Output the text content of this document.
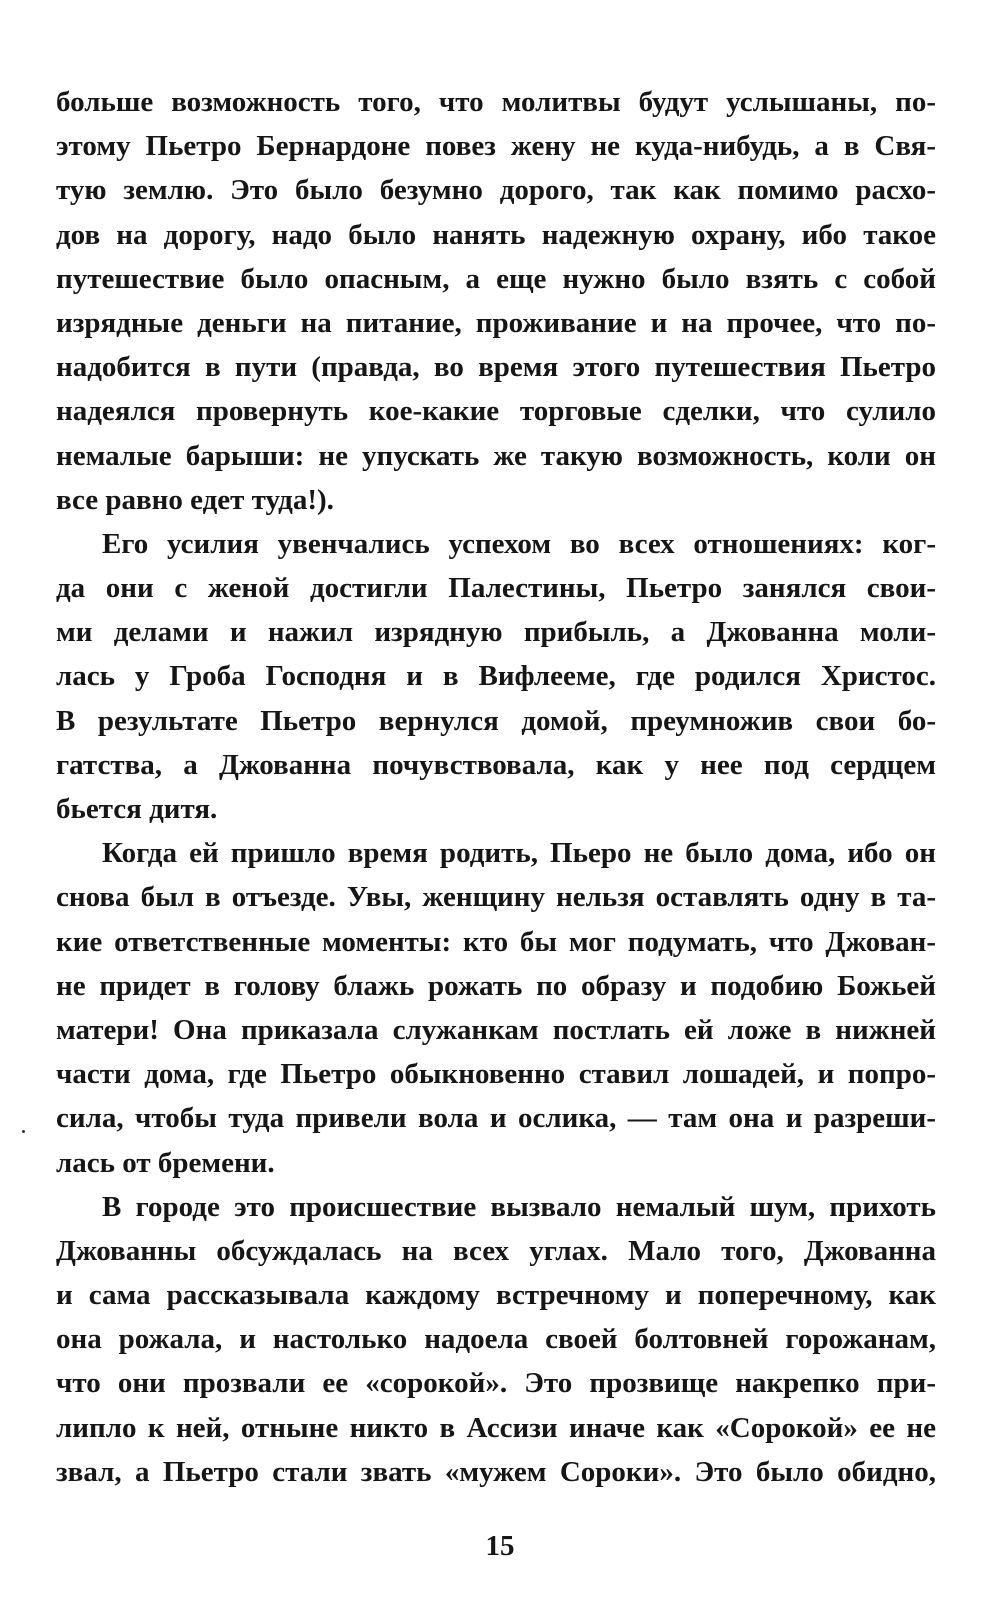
больше возможность того, что молитвы будут услышаны, по-
этому Пьетро Бернардоне повез жену не куда-нибудь, а в Свя-
тую землю. Это было безумно дорого, так как помимо расхо-
дов на дорогу, надо было нанять надежную охрану, ибо такое
путешествие было опасным, а еще нужно было взять с собой
изрядные деньги на питание, проживание и на прочее, что по-
надобится в пути (правда, во время этого путешествия Пьетро
надеялся провернуть кое-какие торговые сделки, что сулило
немалые барыши: не упускать же такую возможность, коли он
все равно едет туда!).
Его усилия увенчались успехом во всех отношениях: ког-
да они с женой достигли Палестины, Пьетро занялся свои-
ми делами и нажил изрядную прибыль, а Джованна моли-
лась у Гроба Господня и в Вифлееме, где родился Христос.
В результате Пьетро вернулся домой, преумножив свои бо-
гатства, а Джованна почувствовала, как у нее под сердцем
бьется дитя.
Когда ей пришло время родить, Пьеро не было дома, ибо он
снова был в отъезде. Увы, женщину нельзя оставлять одну в та-
кие ответственные моменты: кто бы мог подумать, что Джован-
не придет в голову блажь рожать по образу и подобию Божьей
матери! Она приказала служанкам постлать ей ложе в нижней
части дома, где Пьетро обыкновенно ставил лошадей, и попро-
сила, чтобы туда привели вола и ослика, — там она и разреши-
лась от бремени.
В городе это происшествие вызвало немалый шум, прихоть
Джованны обсуждалась на всех углах. Мало того, Джованна
и сама рассказывала каждому встречному и поперечному, как
она рожала, и настолько надоела своей болтовней горожанам,
что они прозвали ее «сорокой». Это прозвище накрепко при-
липло к ней, отныне никто в Ассизи иначе как «Сорокой» ее не
звал, а Пьетро стали звать «мужем Сороки». Это было обидно,
15
